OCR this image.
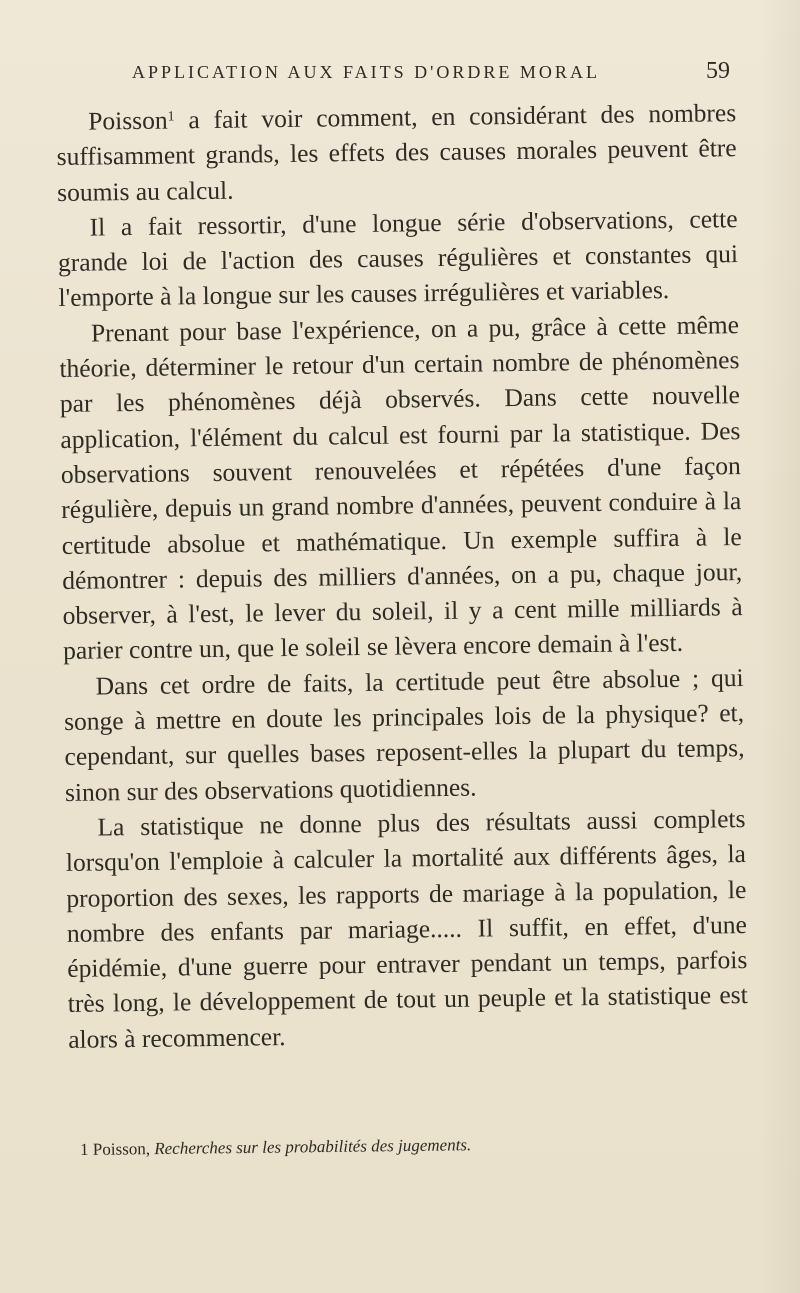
APPLICATION AUX FAITS D'ORDRE MORAL	59

Poisson$^1$ a fait voir comment, en considérant des nombres suffisamment grands, les effets des causes morales peuvent être soumis au calcul.

Il a fait ressortir, d'une longue série d'observations, cette grande loi de l'action des causes régulières et constantes qui l'emporte à la longue sur les causes irrégulières et variables.

Prenant pour base l'expérience, on a pu, grâce à cette même théorie, déterminer le retour d'un certain nombre de phénomènes par les phénomènes déjà observés. Dans cette nouvelle application, l'élément du calcul est fourni par la statistique. Des observations souvent renouvelées et répétées d'une façon régulière, depuis un grand nombre d'années, peuvent conduire à la certitude absolue et mathématique. Un exemple suffira à le démontrer : depuis des milliers d'années, on a pu, chaque jour, observer, à l'est, le lever du soleil, il y a cent mille milliards à parier contre un, que le soleil se lèvera encore demain à l'est.

Dans cet ordre de faits, la certitude peut être absolue ; qui songe à mettre en doute les principales lois de la physique? et, cependant, sur quelles bases reposent-elles la plupart du temps, sinon sur des observations quotidiennes.

La statistique ne donne plus des résultats aussi complets lorsqu'on l'emploie à calculer la mortalité aux différents âges, la proportion des sexes, les rapports de mariage à la population, le nombre des enfants par mariage..... Il suffit, en effet, d'une épidémie, d'une guerre pour entraver pendant un temps, parfois très long, le développement de tout un peuple et la statistique est alors à recommencer.

1 Poisson, Recherches sur les probabilités des jugements.
